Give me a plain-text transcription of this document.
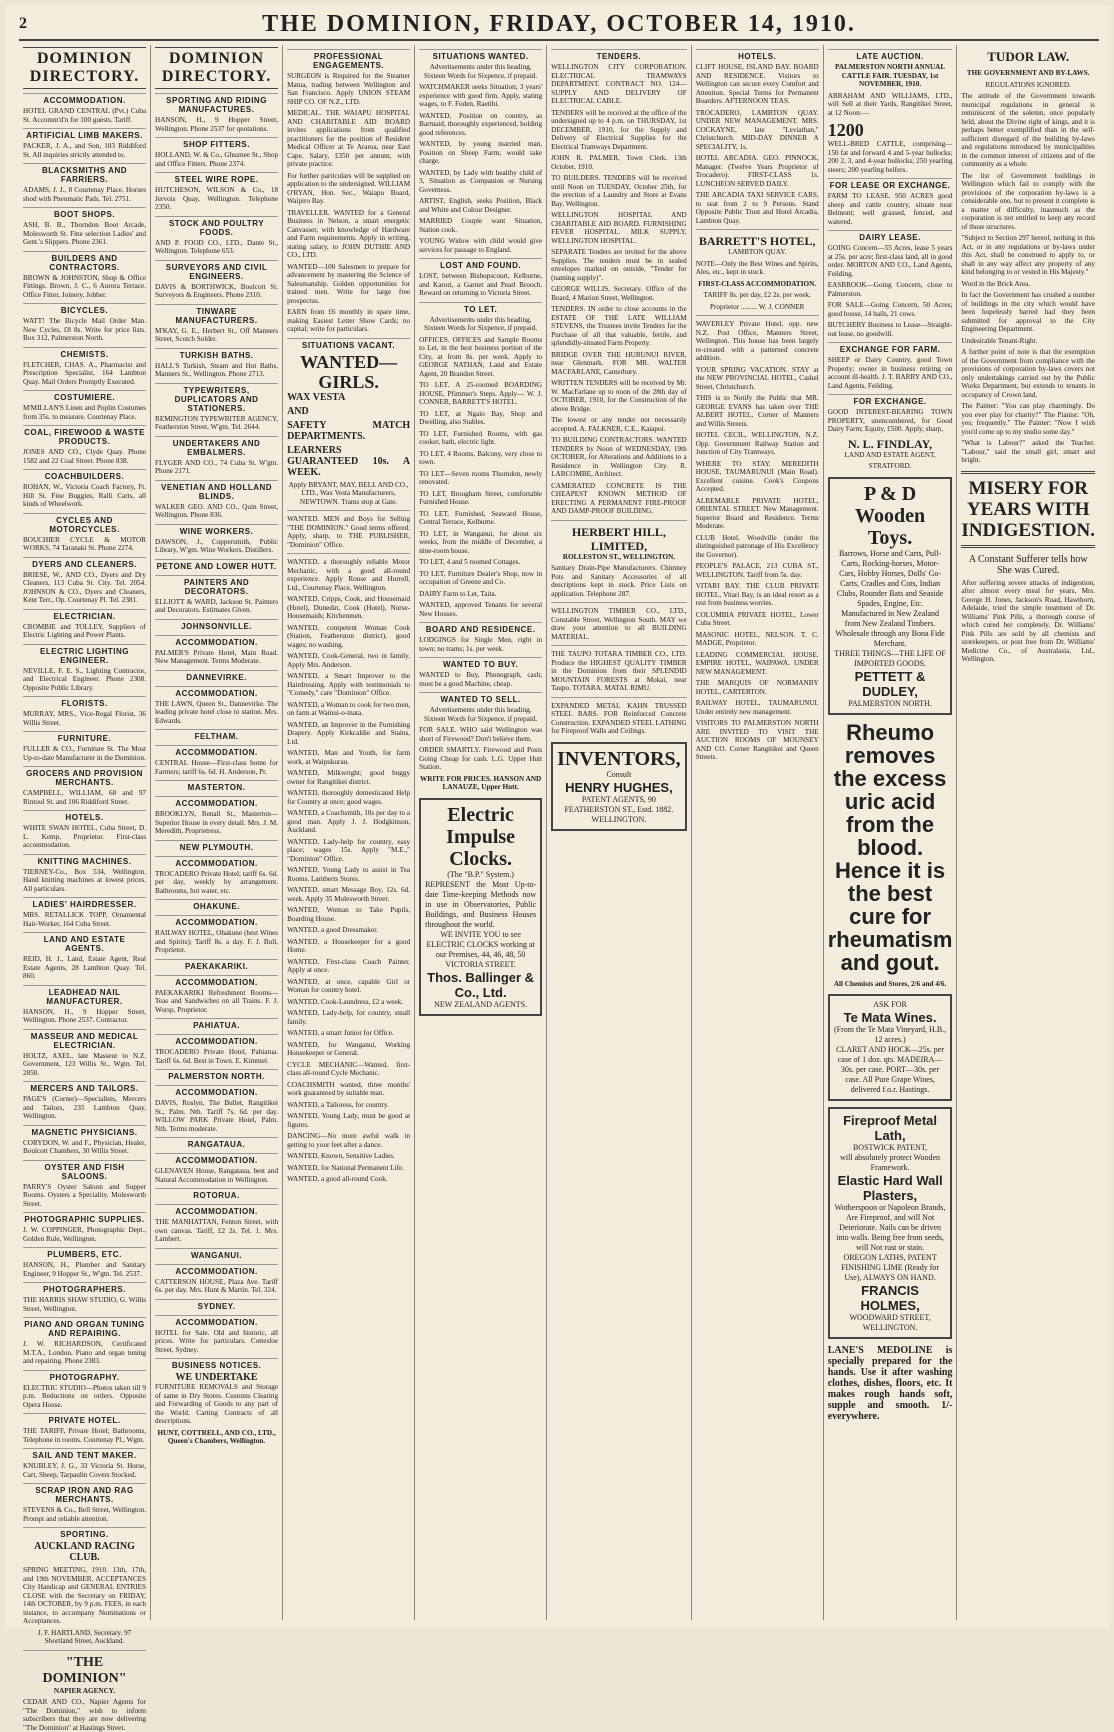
2	THE DOMINION, FRIDAY, OCTOBER 14, 1910.
DOMINION DIRECTORY.
ACCOMMODATION.
HOTEL GRAND CENTRAL (Pvt.) Cuba St. Accomm'd'n for 100 guests. Tariff.
ARTIFICIAL LIMB MAKERS.
PACKER, J. A., and Son, 103 Riddiford St. All inquiries strictly attended to.
BLACKSMITHS AND FARRIERS.
ADAMS, J. J., 8 Courtenay Place. Horses shod with Pneumatic Pads. Tel. 2751.
BOOT SHOPS.
ASH, B. B., Thorndon Boot Arcade, Molesworth St. Fine selection Ladies' and Gent.'s Slippers. Phone 2361.
BUILDERS AND CONTRACTORS.
BROWN & JOHNSTON, Shop & Office Fittings. Brown, J. C., 6 Aurora Terrace. Office Fitter, Joinery, Jobber.
BICYCLES.
WATT! The Bicycle Mail Order Man. New Cycles, £8 8s. Write for price lists. Box 312, Palmerston North.
CHEMISTS.
FLETCHER, CHAS. A., Pharmacist and Prescription Specialist, 164 Lambton Quay. Mail Orders Promptly Executed.
COSTUMIERE.
M'MILLAN'S Linen and Poplin Costumes from 35s. to measure. Courtenay Place.
COAL, FIREWOOD & WASTE PRODUCTS.
JONES AND CO., Clyde Quay. Phone 1582 and 22 Coal Street. Phone 838.
COACHBUILDERS.
ROHAN, W., Victoria Coach Factory, Ft. Hill St. Fine Buggies, Ralli Carts, all kinds of Wheelwork.
CYCLES AND MOTORCYCLES.
BOUCHIER CYCLE & MOTOR WORKS, 74 Taranaki St. Phone 2274.
DYERS AND CLEANERS.
BRIESE, W., AND CO., Dyers and Dry Cleaners, 113 Cuba St. City. Tel. 2054. JOHNSON & CO., Dyers and Cleaners, Kent Terr., Op. Courtenay Pl. Tel. 2381.
ELECTRICIAN.
CROMBIE and TOLLEY, Suppliers of Electric Lighting and Power Plants.
ELECTRIC LIGHTING ENGINEER.
NEVILLE, F. E. S., Lighting Contractor, and Electrical Engineer. Phone 2308. Opposite Public Library.
FLORISTS.
MURRAY, MRS., Vice-Regal Florist, 36 Willis Street.
FURNITURE.
FULLER & CO., Furniture St. The Most Up-to-date Manufacturer in the Dominion.
GROCERS AND PROVISION MERCHANTS.
CAMPBELL, WILLIAM, 68 and 97 Rintoul St. and 106 Riddiford Street.
HOTELS.
WHITE SWAN HOTEL, Cuba Street, D. L. Kemp, Proprietor. First-class accommodation.
KNITTING MACHINES.
TIERNEY-Co., Box 534, Wellington. Hand knitting machines at lowest prices. All particulars.
LADIES' HAIRDRESSER.
MRS. RETALLICK TOPP, Ornamental Hair-Worker, 164 Cuba Street.
LAND AND ESTATE AGENTS.
REID, H. J., Land, Estate Agent, Real Estate Agents, 28 Lambton Quay. Tel. 860.
LEADHEAD NAIL MANUFACTURER.
HANSON, H., 9 Hopper Street, Wellington. Phone 2537. Contractor.
MASSEUR AND MEDICAL ELECTRICIAN.
HOLTZ, AXEL, late Masseur to N.Z. Government, 123 Willis St., Wgtn. Tel. 2850.
MERCERS AND TAILORS.
PAGE'S (Corner)—Specialists, Mercers and Tailors, 235 Lambton Quay, Wellington.
MAGNETIC PHYSICIANS.
CORYDON, W. and F., Physician, Healer, Boulcott Chambers, 30 Willis Street.
OYSTER AND FISH SALOONS.
PARRY'S Oyster Saloon and Supper Rooms. Oysters a Speciality. Molesworth Street.
PHOTOGRAPHIC SUPPLIES.
J. W. COPPINGER, Photographic Dept., Golden Rule, Wellington.
PLUMBERS, ETC.
HANSON, H., Plumber and Sanitary Engineer, 9 Hopper St., W'gtn. Tel. 2537.
PHOTOGRAPHERS.
THE HARRIS SHAW STUDIO, G. Willis Street, Wellington.
PIANO AND ORGAN TUNING AND REPAIRING.
J. W. RICHARDSON, Certificated M.T.A., London. Piano and organ tuning and repairing. Phone 2383.
PHOTOGRAPHY.
ELECTRIC STUDIO—Photos taken till 9 p.m. Reductions on orders. Opposite Opera House.
PRIVATE HOTEL.
THE TARIFF, Private Hotel; Bathrooms, Telephone in rooms. Courtenay Pl., Wgtn.
SAIL AND TENT MAKER.
KNUBLEY, J. G., 33 Victoria St. Horse, Cart, Sheep, Tarpaulin Covers Stocked.
SCRAP IRON AND RAG MERCHANTS.
STEVENS & Co., Bell Street, Wellington. Prompt and reliable attention.
SPORTING.
AUCKLAND RACING CLUB.
SPRING MEETING, 1910. 13th, 17th, and 19th NOVEMBER. ACCEPTANCES City Handicap and GENERAL ENTRIES CLOSE with the Secretary on FRIDAY, 14th OCTOBER, by 9 p.m. FEES, in each instance, to accompany Nominations or Acceptances.
J. F. HARTLAND, Secretary. 97 Shortland Street, Auckland.
"THE DOMINION"
NAPIER AGENCY.
CEDAR AND CO., Napier Agents for "The Dominion," wish to inform subscribers that they are now delivering "The Dominion" at Hastings Street.
DOMINION DIRECTORY.
SPORTING AND RIDING MANUFACTURES.
HANSON, H., 9 Hopper Street, Wellington. Phone 2537 for quotations.
SHOP FITTERS.
HOLLAND, W. & Co., Ghuznee St., Shop and Office Fitters. Phone 2374.
STEEL WIRE ROPE.
HUTCHESON, WILSON & Co., 18 Jervois Quay, Wellington. Telephone 2350.
STOCK AND POULTRY FOODS.
AND P. FOOD CO., LTD., Dante St., Wellington. Telephone 653.
SURVEYORS AND CIVIL ENGINEERS.
DAVIS & BORTHWICK, Boulcott St. Surveyors & Engineers. Phone 2310.
TINWARE MANUFACTURERS.
M'KAY, G. E., Herbert St., Off Manners Street, Scotch Solder.
TURKISH BATHS.
HALL'S Turkish, Steam and Hot Baths, Manners St., Wellington. Phone 2713.
TYPEWRITERS, DUPLICATORS AND STATIONERS.
REMINGTON TYPEWRITER AGENCY, Featherston Street, W'gtn. Tel. 2644.
UNDERTAKERS AND EMBALMERS.
FLYGER AND CO., 74 Cuba St. W'gtn. Phone 2171.
VENETIAN AND HOLLAND BLINDS.
WALKER GEO. AND CO., Quin Street, Wellington. Phone 836.
WINE WORKERS.
DAWSON, J., Coppersmith, Public Library, W'gtn. Wine Workers, Distillers.
PETONE AND LOWER HUTT.
PAINTERS AND DECORATORS.
ELLIOTT & WARD, Jackson St. Painters and Decorators. Estimates Given.
JOHNSONVILLE.
ACCOMMODATION.
PALMER'S Private Hotel, Main Road. New Management. Terms Moderate.
DANNEVIRKE.
ACCOMMODATION.
THE LAWN, Queen St., Dannevirke. The leading private hotel close to station. Mrs. Edwards.
FELTHAM.
ACCOMMODATION.
CENTRAL House—First-class home for Farmers; tariff 6s. 6d. H. Anderson, Pr.
MASTERTON.
ACCOMMODATION.
BROOKLYN, Renall St., Masterton—Superior House in every detail. Mrs. J. M. Meredith, Proprietress.
NEW PLYMOUTH.
ACCOMMODATION.
TROCADERO Private Hotel; tariff 6s. 6d. per day, weekly by arrangement. Bathrooms, hot water, etc.
OHAKUNE.
ACCOMMODATION.
RAILWAY HOTEL, Ohakune (best Wines and Spirits); Tariff 8s. a day. F. J. Bull, Proprietor.
PAEKAKARIKI.
ACCOMMODATION.
PAEKAKARIKI Refreshment Rooms—Teas and Sandwiches on all Trains. F. J. Worsp, Proprietor.
PAHIATUA.
ACCOMMODATION.
TROCADERO Private Hotel, Pahiatua. Tariff 6s. 6d. Best in Town. E. Kimmel.
PALMERSTON NORTH.
ACCOMMODATION.
DAVIS, Roslyn, The Bullet, Rangitikei St., Palm. Nth. Tariff 7s. 6d. per day. WILLOW PARK Private Hotel, Palm. Nth. Terms moderate.
RANGATAUA.
ACCOMMODATION.
GLENAVEN House, Rangataua, best and Natural Accommodation in Wellington.
ROTORUA.
ACCOMMODATION.
THE MANHATTAN, Fenton Street, with own canvas. Tariff, £2 2s. Tel. 1. Mrs. Lambert.
WANGANUI.
ACCOMMODATION.
CATTERSON HOUSE, Plaza Ave. Tariff 6s. per day. Mrs. Hunt & Martin. Tel. 324.
SYDNEY.
ACCOMMODATION.
HOTEL for Sale. Old and historic, all prices. Write for particulars. Cottesloe Street, Sydney.
BUSINESS NOTICES.
WE UNDERTAKE
FURNITURE REMOVALS and Storage of same in Dry Stores. Customs Clearing and Forwarding of Goods to any part of the World. Carting Contracts of all descriptions.
HUNT, COTTRELL, AND CO., LTD., Queen's Chambers, Wellington.
PROFESSIONAL ENGAGEMENTS.
SURGEON is Required for the Steamer Matua, trading between Wellington and San Francisco. Apply UNION STEAM SHIP CO. OF N.Z., LTD.
MEDICAL. THE WAIAPU HOSPITAL AND CHARITABLE AID BOARD invites applications from qualified practitioners for the position of Resident Medical Officer at Te Araroa, near East Cape. Salary, £350 per annum, with private practice.
For further particulars will be supplied on application to the undersigned. WILLIAM O'RYAN, Hon. Sec., Waiapu Board, Waipiro Bay.
TRAVELLER. WANTED for a General Business in Nelson, a smart energetic Canvasser, with knowledge of Hardware and Farm requirements. Apply in writing, stating salary, to JOHN DUTHIE AND CO., LTD.
WANTED—100 Salesmen to prepare for advancement by mastering the Science of Salesmanship. Golden opportunities for trained men. Write for large free prospectus.
EARN from £6 monthly in spare time, making Easiest Letter Show Cards; no capital; write for particulars.
SITUATIONS VACANT.
WANTED—GIRLS.
WAX VESTA
AND
SAFETY MATCH DEPARTMENTS.
LEARNERS GUARANTEED 10s. A WEEK.
Apply BRYANT, MAY, BELL AND CO., LTD., Wax Vesta Manufacturers, NEWTOWN. Trams stop at Gate.
WANTED. MEN and Boys for Selling "THE DOMINION." Good terms offered. Apply, sharp, to THE PUBLISHER, "Dominion" Office.
WANTED, a thoroughly reliable Motor Mechanic, with a good all-round experience. Apply Rouse and Hurrell, Ltd., Courtenay Place, Wellington.
WANTED, Cripps, Cook, and Housemaid (Hotel), Dunedin, Cook (Hotel), Nurse-Housemaids; Kitchenmen.
WANTED, competent Woman Cook (Station, Featherston district), good wages; no washing.
WANTED, Cook-General, two in family. Apply Mrs. Anderson.
WANTED, a Smart Improver to the Hairdressing. Apply with testimonials to "Comedy," care "Dominion" Office.
WANTED, a Woman to cook for two men, on farm at Wainui-o-mata.
WANTED, an Improver in the Furnishing Drapery. Apply Kirkcaldie and Stains, Ltd.
WANTED, Man and Youth, for farm work, at Waipukurau.
WANTED, Milkwright; good buggy owner for Rangitikei district.
WANTED, thoroughly domesticated Help for Country at once; good wages.
WANTED, a Coachsmith, 10s per day to a good man. Apply J. J. Hodgkinson, Auckland.
WANTED, Lady-help for country, easy place; wages 15s. Apply "M.E.," "Dominion" Office.
WANTED, Young Lady to assist in Tea Rooms. Lamberts Stores.
WANTED, smart Message Boy, 12s. 6d. week. Apply 35 Molesworth Street.
WANTED, Woman to Take Pupils, Boarding House.
WANTED, a good Dressmaker.
WANTED, a Housekeeper for a good Home.
WANTED, First-class Coach Painter. Apply at once.
WANTED, at once, capable Girl or Woman for country hotel.
WANTED, Cook-Laundress, £2 a week.
WANTED, Lady-help, for country, small family.
WANTED, a smart Junior for Office.
WANTED, for Wanganui, Working Housekeeper or General.
CYCLE MECHANIC—Wanted, first-class all-round Cycle Mechanic.
COACHSMITH wanted, three months' work guaranteed by suitable man.
WANTED, a Tailoress, for country.
WANTED, Young Lady, must be good at figures.
DANCING—No more awful walk in getting to your feet after a dance.
WANTED, Known, Sensitive Ladies.
WANTED, for National Permanent Life.
WANTED, a good all-round Cook.
SITUATIONS WANTED.
Advertisements under this heading, Sixteen Words for Sixpence, if prepaid.
WATCHMAKER seeks Situation; 3 years' experience with good firm. Apply, stating wages, to F. Foden, Raetihi.
WANTED, Position on country, as Barmaid, thoroughly experienced, holding good references.
WANTED, by young married man, Position on Sheep Farm; would take charge.
WANTED, by Lady with healthy child of 3, Situation as Companion or Nursing Governess.
ARTIST, English, seeks Position, Black and White and Colour Designer.
MARRIED Couple want Situation, Station cook.
YOUNG Widow with child would give services for passage to England.
LOST AND FOUND.
LOST, between Bishopscourt, Kelburne, and Karori, a Garnet and Pearl Brooch. Reward on returning to Victoria Street.
TO LET.
Advertisements under this heading, Sixteen Words for Sixpence, if prepaid.
OFFICES. OFFICES and Sample Rooms to Let, in the best business portion of the City, at from 8s. per week. Apply to GEORGE NATHAN, Land and Estate Agent, 20 Brandon Street.
TO LET. A 25-roomed BOARDING HOUSE, Pfimmer's Steps. Apply— W. J. CONNER, BARRETT'S HOTEL.
TO LET, at Ngaio Bay, Shop and Dwelling, also Stables.
TO LET, Furnished Rooms, with gas cooker, bath, electric light.
TO LET, 4 Rooms, Balcony, very close to town.
TO LET—Seven rooms Thorndon, newly renovated.
TO LET, Brougham Street, comfortable Furnished House.
TO LET, Furnished, Seaward House, Central Terrace, Kelburne.
TO LET, in Wanganui, for about six weeks, from the middle of December, a nine-room house.
TO LET, 4 and 5 roomed Cottages.
TO LET, Furniture Dealer's Shop, now in occupation of Greene and Co.
DAIRY Farm to Let, Taita.
WANTED, approved Tenants for several New Houses.
BOARD AND RESIDENCE.
LODGINGS for Single Men, right in town; no trams; 1s. per week.
WANTED TO BUY.
WANTED to Buy, Phonograph, cash; must be a good Machine, cheap.
WANTED TO SELL.
Advertisements under this heading, Sixteen Words for Sixpence, if prepaid.
FOR SALE. WHO said Wellington was short of Firewood? Don't believe them.
ORDER SMARTLY. Firewood and Posts Going Cheap for cash. L.G. Upper Hutt Station.
WRITE FOR PRICES. HANSON AND LANAUZE, Upper Hutt.
Electric Impulse Clocks.
(The "B.P." System.)
REPRESENT the Most Up-to-date Time-keeping Methods now in use in Observatories, Public Buildings, and Business Houses throughout the world.
WE INVITE YOU to see ELECTRIC CLOCKS working at our Premises, 44, 46, 48, 50 VICTORIA STREET.
Thos. Ballinger & Co., Ltd.
NEW ZEALAND AGENTS.
TENDERS.
WELLINGTON CITY CORPORATION. ELECTRICAL TRAMWAYS DEPARTMENT. CONTRACT NO. 124—SUPPLY AND DELIVERY OF ELECTRICAL CABLE.
TENDERS will be received at the office of the undersigned up to 4 p.m. on THURSDAY, 1st DECEMBER, 1910, for the Supply and Delivery of Electrical Supplies for the Electrical Tramways Department.
JOHN R. PALMER, Town Clerk. 13th October, 1910.
TO BUILDERS. TENDERS will be received until Noon on TUESDAY, October 25th, for the erection of a Laundry and Store at Evans Bay, Wellington.
WELLINGTON HOSPITAL AND CHARITABLE AID BOARD. FURNISHING FEVER HOSPITAL. MILK SUPPLY, WELLINGTON HOSPITAL.
SEPARATE Tenders are invited for the above Supplies. The tenders must be in sealed envelopes marked on outside, "Tender for (naming supply)".
GEORGE WILLIS, Secretary. Office of the Board, 4 Marion Street, Wellington.
TENDERS. IN order to close accounts in the ESTATE OF THE LATE WILLIAM STEVENS, the Trustees invite Tenders for the Purchase of all that valuable, fertile, and splendidly-situated Farm Property.
BRIDGE OVER THE HURUNUI RIVER, near Glenmark. FOR MR. WALTER MACFARLANE, Canterbury.
WRITTEN TENDERS will be received by Mr. W. MacFarlane up to noon of the 28th day of OCTOBER, 1910, for the Construction of the above Bridge.
The lowest or any tender not necessarily accepted. A. FALKNER, C.E., Kaiapoi.
TO BUILDING CONTRACTORS. WANTED TENDERS by Noon of WEDNESDAY, 19th OCTOBER, for Alterations and Additions to a Residence in Wellington City. R. LARCOMBE, Architect.
CAMERATED CONCRETE IS THE CHEAPEST KNOWN METHOD OF ERECTING A PERMANENT FIRE-PROOF AND DAMP-PROOF BUILDING.
HERBERT HILL, LIMITED,
ROLLESTON ST., WELLINGTON.
Sanitary Drain-Pipe Manufacturers. Chimney Pots and Sanitary Accessories of all descriptions kept in stock. Price Lists on application. Telephone 287.
WELLINGTON TIMBER CO., LTD., Constable Street, Wellington South. MAY we draw your attention to all BUILDING MATERIAL.
THE TAUPO TOTARA TIMBER CO., LTD. Produce the HIGHEST QUALITY TIMBER in the Dominion from their SPLENDID MOUNTAIN FORESTS at Mokai, near Taupo. TOTARA. MATAI. RIMU.
EXPANDED METAL KAHN TRUSSED STEEL BARS. FOR Reinforced Concrete Construction. EXPANDED STEEL LATHING for Fireproof Walls and Ceilings.
INVENTORS,
Consult
HENRY HUGHES,
PATENT AGENTS, 90 FEATHERSTON ST., Estd. 1882. WELLINGTON.
HOTELS.
CLIFT HOUSE, ISLAND BAY. BOARD AND RESIDENCE. Visitors to Wellington can secure every Comfort and Attention. Special Terms for Permanent Boarders. AFTERNOON TEAS.
TROCADERO, LAMBTON QUAY. UNDER NEW MANAGEMENT. MRS. COCKAYNE, late "Leviathan," Christchurch. MID-DAY DINNER A SPECIALITY, 1s.
HOTEL ARCADIA. GEO. PINNOCK, Manager. (Twelve Years Proprietor of Trocadero). FIRST-CLASS 1s. LUNCHEON SERVED DAILY.
THE ARCADIA TAXI SERVICE CARS, to seat from 2 to 9 Persons. Stand Opposite Public Trust and Hotel Arcadia, Lambton Quay.
BARRETT'S HOTEL,
LAMBTON QUAY.
NOTE—Only the Best Wines and Spirits, Ales, etc., kept in stock.
FIRST-CLASS ACCOMMODATION.
TARIFF 8s. per day, £2 2s. per week.
Proprietor ......... W. J. CONNER
WAVERLEY Private Hotel, opp. new N.Z. Post Office, Manners Street, Wellington. This house has been largely re-created with a patterned concrete addition.
YOUR SPRING VACATION. STAY at the NEW PROVINCIAL HOTEL, Cashel Street, Christchurch.
THIS is to Notify the Public that MR. GEORGE EVANS has taken over THE ALBERT HOTEL, Corner of Manners and Willis Streets.
HOTEL CECIL, WELLINGTON, N.Z. Opp. Government Railway Station and Junction of City Tramways.
WHERE TO STAY. MEREDITH HOUSE, TAUMARUNUI (Main Road). Excellent cuisine. Cook's Coupons Accepted.
ALBEMARLE PRIVATE HOTEL, ORIENTAL STREET. New Management. Superior Board and Residence. Terms Moderate.
CLUB Hotel, Woodville (under the distinguished patronage of His Excellency the Governor).
PEOPLE'S PALACE, 213 CUBA ST., WELLINGTON. Tariff from 5s. day.
VITARI BAY. THE CLUB PRIVATE HOTEL, Vitari Bay, is an ideal resort as a rest from business worries.
COLUMBIA PRIVATE HOTEL, Lower Cuba Street.
MASONIC HOTEL, NELSON. T. C. MADGE, Proprietor.
LEADING COMMERCIAL HOUSE. EMPIRE HOTEL, WAIPAWA. UNDER NEW MANAGEMENT.
THE MARQUIS OF NORMANBY HOTEL, CARTERTON.
RAILWAY HOTEL, TAUMARUNUI. Under entirely new management.
VISITORS TO PALMERSTON NORTH ARE INVITED TO VISIT THE AUCTION ROOMS OF MOUNSEY AND CO. Corner Rangitikei and Queen Streets.
LATE AUCTION.
PALMERSTON NORTH ANNUAL CATTLE FAIR. TUESDAY, 1st NOVEMBER, 1910.
ABRAHAM AND WILLIAMS, LTD., will Sell at their Yards, Rangitikei Street, at 12 Noon:—
1200
WELL-BRED CATTLE, comprising— 150 fat and forward 4 and 5-year bullocks; 200 2, 3, and 4-year bullocks; 250 yearling steers; 200 yearling heifers.
FOR LEASE OR EXCHANGE.
FARM TO LEASE. 950 ACRES good sheep and cattle country, situate near Belmont; well grassed, fenced, and watered.
DAIRY LEASE.
GOING Concern—55 Acres, lease 5 years at 25s. per acre; first-class land, all in good order. MORTON AND CO., Land Agents, Feilding.
EASBROOK—Going Concern, close to Palmerston.
FOR SALE—Going Concern, 50 Acres; good house, 14 bails, 21 cows.
BUTCHERY Business to Lease—Straight-out lease, no goodwill.
EXCHANGE FOR FARM.
SHEEP or Dairy Country, good Town Property; owner in business retiring on account ill-health. J. T. BARRY AND CO., Land Agents, Feilding.
FOR EXCHANGE.
GOOD INTEREST-BEARING TOWN PROPERTY, unencumbered, for Good Dairy Farm; Equity, £500. Apply, sharp,
N. L. FINDLAY,
LAND AND ESTATE AGENT,
STRATFORD.
P & D
Wooden Toys.
Barrows, Horse and Carts, Pull-Carts, Rocking-horses, Motor-Cars, Hobby Horses, Dolls' Go-Carts, Cradles and Cots, Indian Clubs, Rounder Bats and Seaside Spades, Engine, Etc.
Manufactured in New Zealand from New Zealand Timbers.
Wholesale through any Bona Fide Merchant.
THREE THINGS—THE LIFE OF IMPORTED GOODS.
PETTETT & DUDLEY,
PALMERSTON NORTH.
Rheumo removes the excess uric acid from the blood. Hence it is the best cure for rheumatism and gout.
All Chemists and Stores, 2/6 and 4/6.
ASK FOR
Te Mata Wines.
(From the Te Mata Vineyard, H.B., 12 acres.)
CLARET AND HOCK—25s. per case of 1 doz. qts. MADEIRA—30s. per case. PORT—30s. per case. All Pure Grape Wines, delivered f.o.r. Hastings.
Fireproof Metal Lath,
BOSTWICK PATENT,
will absolutely protect Wooden Framework.
Elastic Hard Wall Plasters,
Wotherspoon or Napoleon Brands,
Are Fireproof, and will Not Deteriorate. Nails can be driven into walls. Being free from seeds, will Not rust or stain.
OREGON LATHS, PATENT FINISHING LIME (Ready for Use), ALWAYS ON HAND.
FRANCIS HOLMES,
WOODWARD STREET, WELLINGTON.
LANE'S MEDOLINE is specially prepared for the hands. Use it after washing clothes, dishes, floors, etc. It makes rough hands soft, supple and smooth. 1/- everywhere.
TUDOR LAW.
THE GOVERNMENT AND BY-LAWS.
REGULATIONS IGNORED.
The attitude of the Government towards municipal regulations in general is reminiscent of the solemn, once popularly held, about the Divine right of kings, and it is perhaps better exemplified than in the self-sufficient disregard of the building by-laws and regulations introduced by municipalities in the common interest of citizens and of the community as a whole.
The list of Government buildings in Wellington which fail to comply with the provisions of the corporation by-laws is a considerable one, but to present it complete is a matter of difficulty, inasmuch as the corporation is not entitled to keep any record of those structures.
"Subject to Section 297 hereof, nothing in this Act, or in any regulations or by-laws under this Act, shall be construed to apply to, or shall in any way affect any property of any kind belonging to or vested in His Majesty."
Word in the Brick Area.
In fact the Government has crushed a number of buildings in the city which would have been hopelessly barred had they been submitted for approval to the City Engineering Department.
Undesirable Tenant-Right.
A further point of note is that the exemption of the Government from compliance with the provisions of corporation by-laws covers not only undertakings carried out by the Public Works Department, but extends to tenants in occupancy of Crown land.
The Painter: "You can play charmingly. Do you ever play for charity?" The Pianist: "Oh, yes; frequently." The Painter: "Now I wish you'd come up to my studio some day."
"What is Labour?" asked the Teacher. "Labour," said the small girl, smart and bright.
MISERY FOR YEARS WITH INDIGESTION.
A Constant Sufferer tells how She was Cured.
After suffering severe attacks of indigestion, after almost every meal for years, Mrs. George H. Jones, Jackson's Road, Hawthorn, Adelaide, tried the simple treatment of Dr. Williams' Pink Pills, a thorough course of which cured her completely. Dr. Williams' Pink Pills are sold by all chemists and storekeepers, or post free from Dr. Williams' Medicine Co., of Australasia, Ltd., Wellington.
